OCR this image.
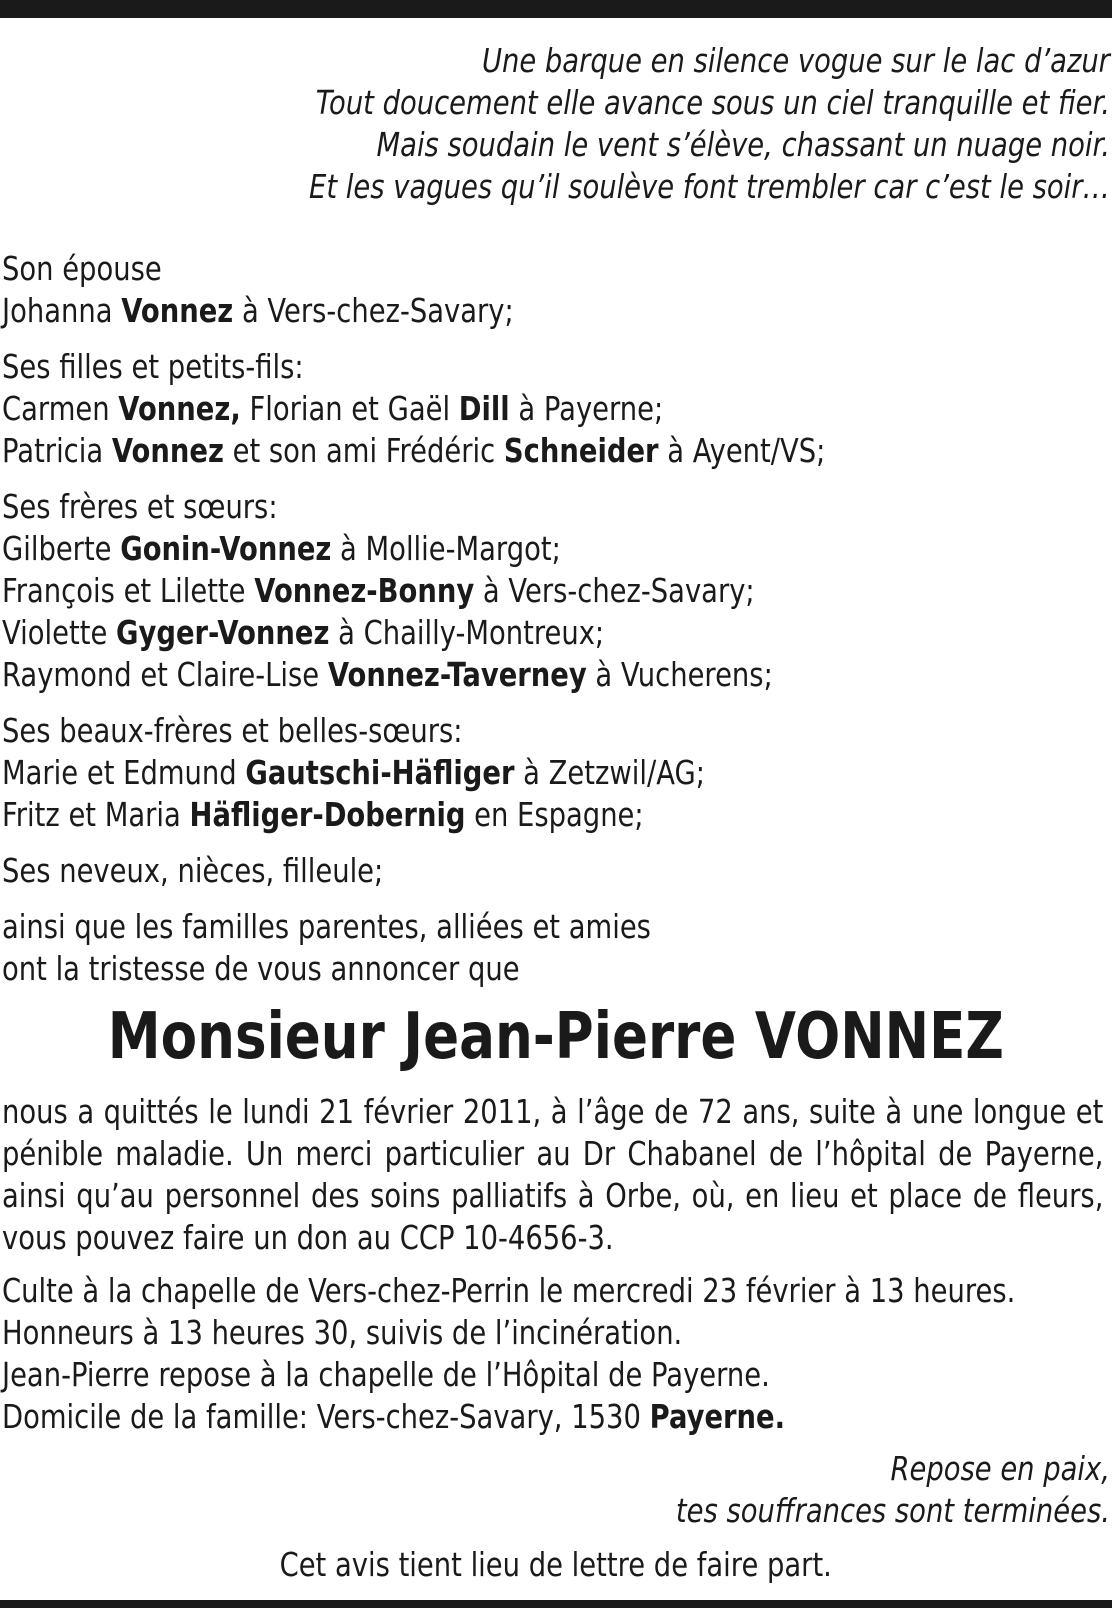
Une barque en silence vogue sur le lac d’azur
Tout doucement elle avance sous un ciel tranquille et fier.
Mais soudain le vent s’élève, chassant un nuage noir.
Et les vagues qu’il soulève font trembler car c’est le soir…

Son épouse
Johanna Vonnez à Vers-chez-Savary;

Ses filles et petits-fils:
Carmen Vonnez, Florian et Gaël Dill à Payerne;
Patricia Vonnez et son ami Frédéric Schneider à Ayent/VS;

Ses frères et sœurs:
Gilberte Gonin-Vonnez à Mollie-Margot;
François et Lilette Vonnez-Bonny à Vers-chez-Savary;
Violette Gyger-Vonnez à Chailly-Montreux;
Raymond et Claire-Lise Vonnez-Taverney à Vucherens;

Ses beaux-frères et belles-sœurs:
Marie et Edmund Gautschi-Häfliger à Zetzwil/AG;
Fritz et Maria Häfliger-Dobernig en Espagne;

Ses neveux, nièces, filleule;

ainsi que les familles parentes, alliées et amies
ont la tristesse de vous annoncer que

Monsieur Jean-Pierre VONNEZ
nous a quittés le lundi 21 février 2011, à l’âge de 72 ans, suite à une longue et pénible maladie. Un merci particulier au Dr Chabanel de l’hôpital de Payerne, ainsi qu’au personnel des soins palliatifs à Orbe, où, en lieu et place de fleurs, vous pouvez faire un don au CCP 10-4656-3.
Culte à la chapelle de Vers-chez-Perrin le mercredi 23 février à 13 heures.
Honneurs à 13 heures 30, suivis de l’incinération.
Jean-Pierre repose à la chapelle de l’Hôpital de Payerne.
Domicile de la famille: Vers-chez-Savary, 1530 Payerne.
Repose en paix,
tes souffrances sont terminées.
Cet avis tient lieu de lettre de faire part.
